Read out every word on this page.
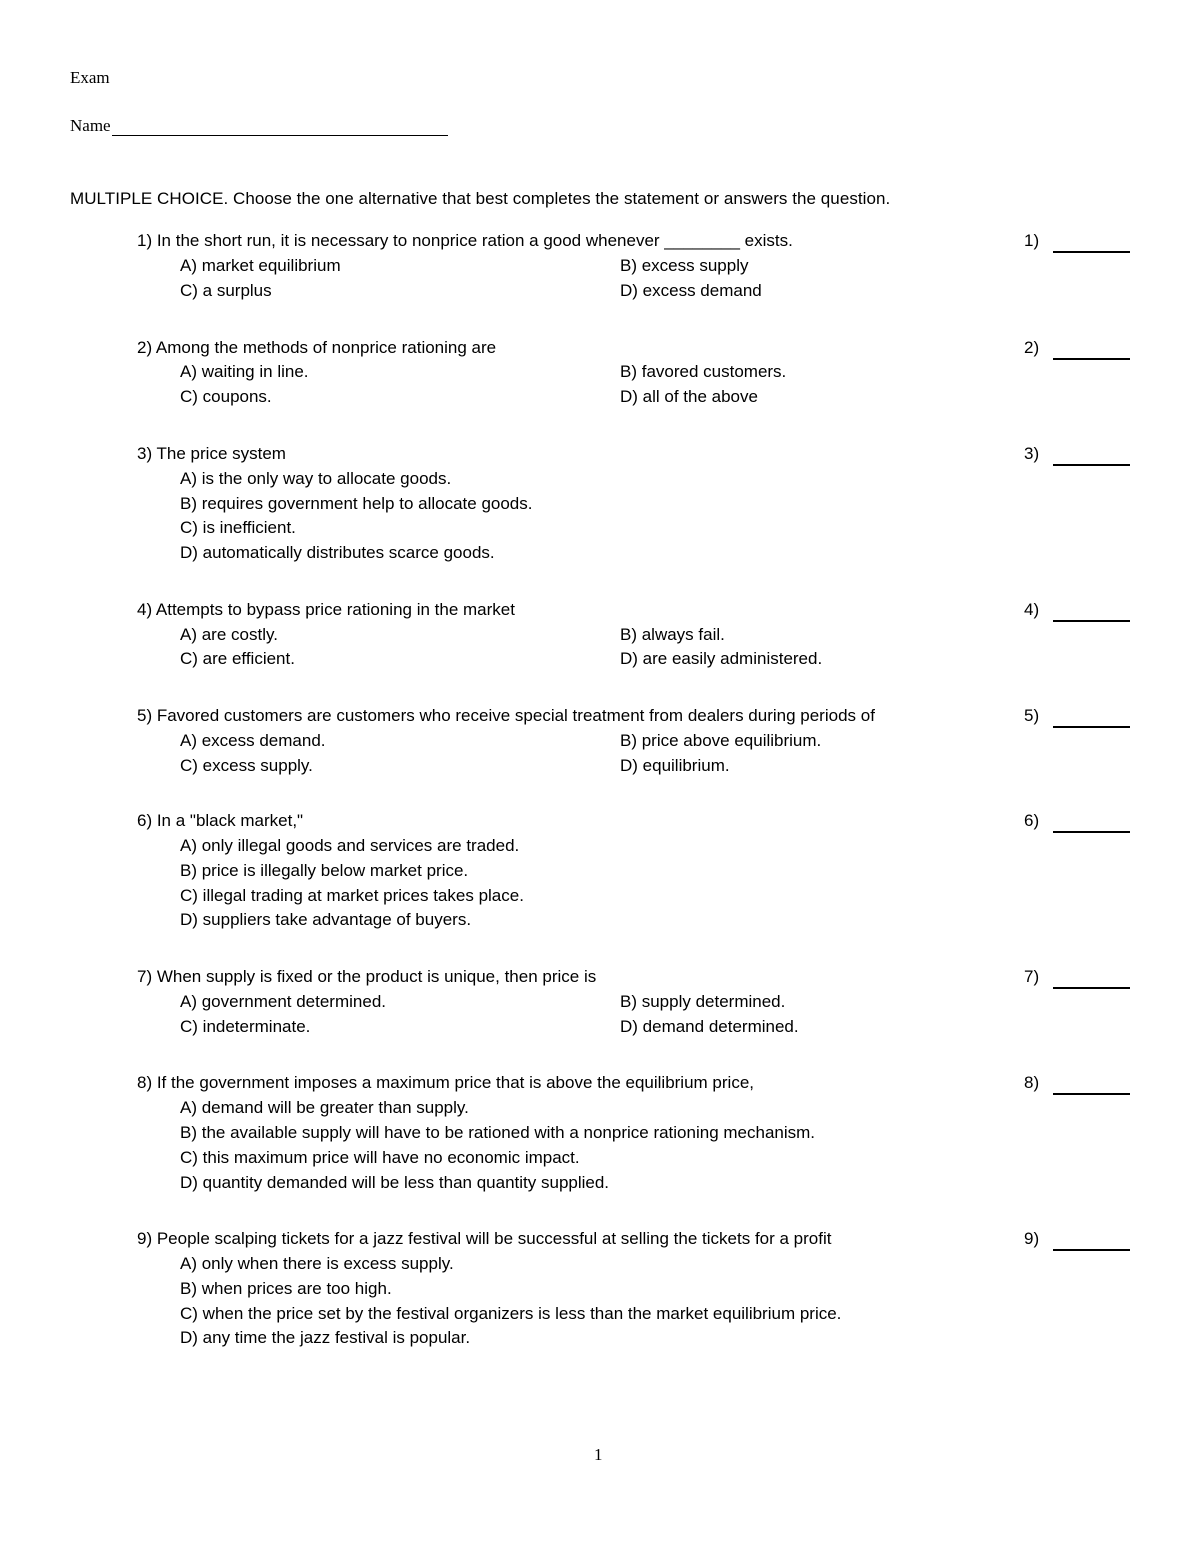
Exam
Name
MULTIPLE CHOICE. Choose the one alternative that best completes the statement or answers the question.
1) In the short run, it is necessary to nonprice ration a good whenever ________ exists.	1)
A) market equilibrium	B) excess supply
C) a surplus	D) excess demand
2) Among the methods of nonprice rationing are	2)
A) waiting in line.	B) favored customers.
C) coupons.	D) all of the above
3) The price system	3)
A) is the only way to allocate goods.
B) requires government help to allocate goods.
C) is inefficient.
D) automatically distributes scarce goods.
4) Attempts to bypass price rationing in the market	4)
A) are costly.	B) always fail.
C) are efficient.	D) are easily administered.
5) Favored customers are customers who receive special treatment from dealers during periods of	5)
A) excess demand.	B) price above equilibrium.
C) excess supply.	D) equilibrium.
6) In a "black market,"	6)
A) only illegal goods and services are traded.
B) price is illegally below market price.
C) illegal trading at market prices takes place.
D) suppliers take advantage of buyers.
7) When supply is fixed or the product is unique, then price is	7)
A) government determined.	B) supply determined.
C) indeterminate.	D) demand determined.
8) If the government imposes a maximum price that is above the equilibrium price,	8)
A) demand will be greater than supply.
B) the available supply will have to be rationed with a nonprice rationing mechanism.
C) this maximum price will have no economic impact.
D) quantity demanded will be less than quantity supplied.
9) People scalping tickets for a jazz festival will be successful at selling the tickets for a profit	9)
A) only when there is excess supply.
B) when prices are too high.
C) when the price set by the festival organizers is less than the market equilibrium price.
D) any time the jazz festival is popular.
1
